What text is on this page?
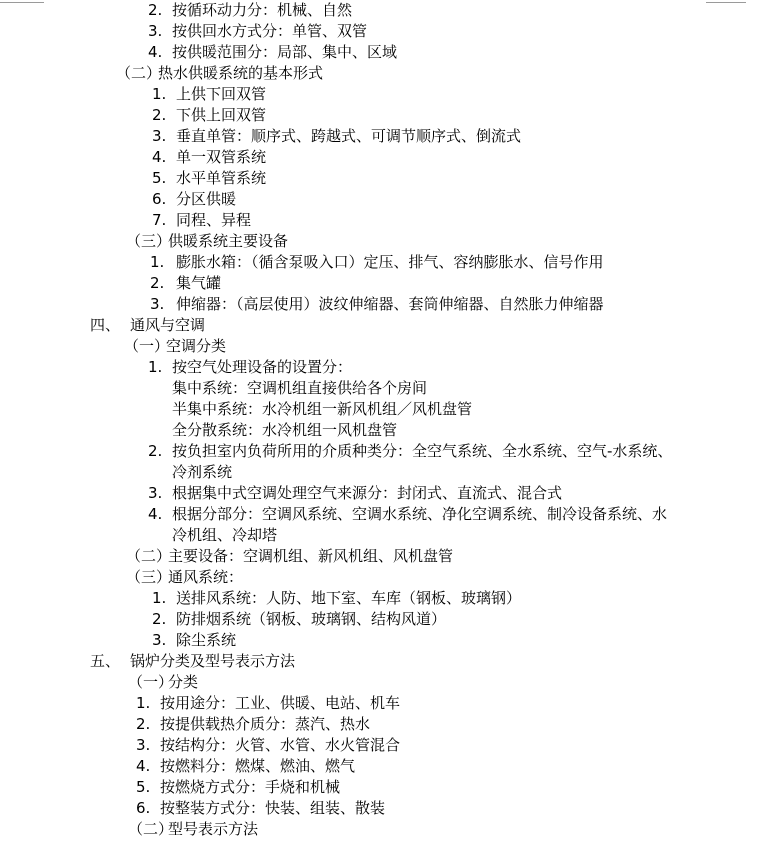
2. 按循环动力分：机械、自然
3. 按供回水方式分：单管、双管
4. 按供暖范围分：局部、集中、区域
（二）
热水供暖系统的基本形式
1. 上供下回双管
2. 下供上回双管
3. 垂直单管：顺序式、跨越式、可调节顺序式、倒流式
4. 单一双管系统
5. 水平单管系统
6. 分区供暖
7. 同程、异程
（三）
供暖系统主要设备
1. 膨胀水箱：（循含泵吸入口）定压、排气、容纳膨胀水、信号作用
2. 集气罐
3. 伸缩器：（高层使用）波纹伸缩器、套筒伸缩器、自然胀力伸缩器
四、 通风与空调
（一）
空调分类
1. 按空气处理设备的设置分：
集中系统：空调机组直接供给各个房间
半集中系统：水冷机组一新风机组／风机盘管
全分散系统：水冷机组一风机盘管
2. 按负担室内负荷所用的介质种类分：全空气系统、全水系统、空气-水系统、
冷剂系统
3. 根据集中式空调处理空气来源分：封闭式、直流式、混合式
4. 根据分部分：空调风系统、空调水系统、净化空调系统、制冷设备系统、水
冷机组、冷却塔
（二）
主要设备：空调机组、新风机组、风机盘管
（三）
通风系统：
1. 送排风系统：人防、地下室、车库（钢板、玻璃钢）
2. 防排烟系统（钢板、玻璃钢、结构风道）
3. 除尘系统
五、 锅炉分类及型号表示方法
（一）
分类
1. 按用途分：工业、供暖、电站、机车
2. 按提供载热介质分：蒸汽、热水
3. 按结构分：火管、水管、水火管混合
4. 按燃料分：燃煤、燃油、燃气
5. 按燃烧方式分：手烧和机械
6. 按整装方式分：快装、组装、散装
（二）
型号表示方法
